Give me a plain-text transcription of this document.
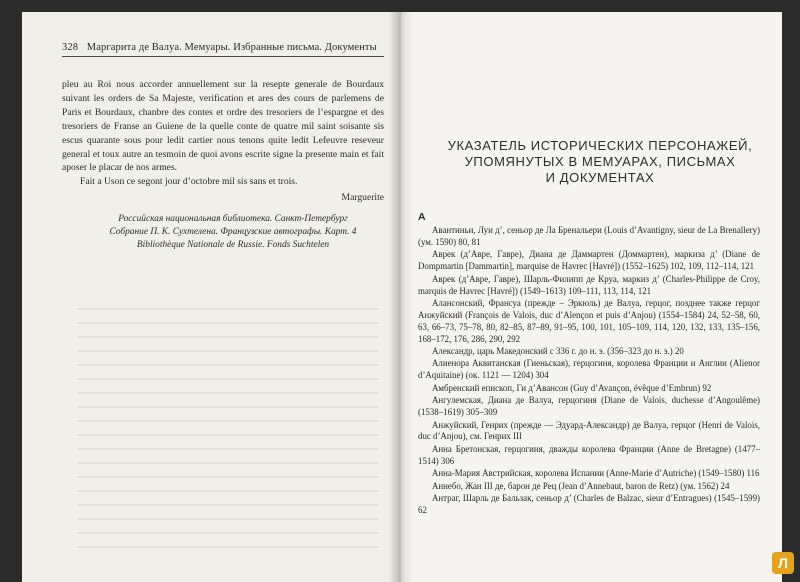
328 Маргарита де Валуа. Мемуары. Избранные письма. Документы

pleu au Roi nous accorder annuellement sur la resepte generale de Bourdaux suivant les orders de Sa Majeste, verification et ares des cours de parlemens de Paris et Bourdaux, chanbre des contes et ordre des tresoriers de l’espargne et des tresoriers de Franse an Guiene de la quelle conte de quatre mil saint soisante sis escus quarante sous pour ledit cartier nous tenons quite ledit Lefeuvre reseveur general et toux autre an tesmoin de quoi avons escrite signe la presente main et fait aposer le placar de nos armes.

Fait a Uson ce segont jour d’octobre mil sis sans et trois.

Marguerite

Российская национальная библиотека. Санкт-Петербург
Собрание П. К. Сухтелена. Французские автографы. Карт. 4
Bibliothèque Nationale de Russie. Fonds Suchtelen
УКАЗАТЕЛЬ ИСТОРИЧЕСКИХ ПЕРСОНАЖЕЙ,
УПОМЯНУТЫХ В МЕМУАРАХ, ПИСЬМАХ
И ДОКУМЕНТАХ
А

Авантиньи, Луи д’, сеньор де Ла Бренальери (Louis d’Avantigny, sieur de La Brenallery) (ум. 1590) 80, 81

Аврек (д’Авре, Гавре), Диана де Даммартен (Доммартен), маркиза д’ (Diane de Dompmartin [Dammartin], marquise de Havrec [Havré]) (1552–1625) 102, 109, 112–114, 121

Аврек (д’Авре, Гавре), Шарль-Филипп де Круа, маркиз д’ (Charles-Philippe de Croy, marquis de Havrec [Havré]) (1549–1613) 109–111, 113, 114, 121

Алансонский, Франсуа (прежде – Эркюль) де Валуа, герцог, позднее также герцог Анжуйский (François de Valois, duc d’Alençon et puis d’Anjou) (1554–1584) 24, 52–58, 60, 63, 66–73, 75–78, 80, 82–85, 87–89, 91–95, 100, 101, 105–109, 114, 120, 132, 133, 135–156, 168–172, 176, 286, 290, 292

Александр, царь Македонский с 336 г. до н. э. (356–323 до н. э.) 20

Алиенора Аквитанская (Гиеньская), герцогиня, королева Франции и Англии (Alienor d’Aquitaine) (ок. 1121 — 1204) 304

Амбренский епископ, Ги д’Авансон (Guy d’Avançon, évêque d’Embrun) 92

Ангулемская, Диана де Валуа, герцогиня (Diane de Valois, duchesse d’Angoulême) (1538–1619) 305–309

Анжуйский, Генрих (прежде — Эдуард-Александр) де Валуа, герцог (Henri de Valois, duc d’Anjou), см. Генрих III

Анна Бретонская, герцогиня, дважды королева Франции (Anne de Bretagne) (1477–1514) 306

Анна-Мария Австрийская, королева Испании (Anne-Marie d’Autriche) (1549–1580) 116

Аннебо, Жан III де, барон де Рец (Jean d’Annebaut, baron de Retz) (ум. 1562) 24

Антраг, Шарль де Бальзак, сеньор д’ (Charles de Balzac, sieur d’Entragues) (1545–1599) 62

Л
